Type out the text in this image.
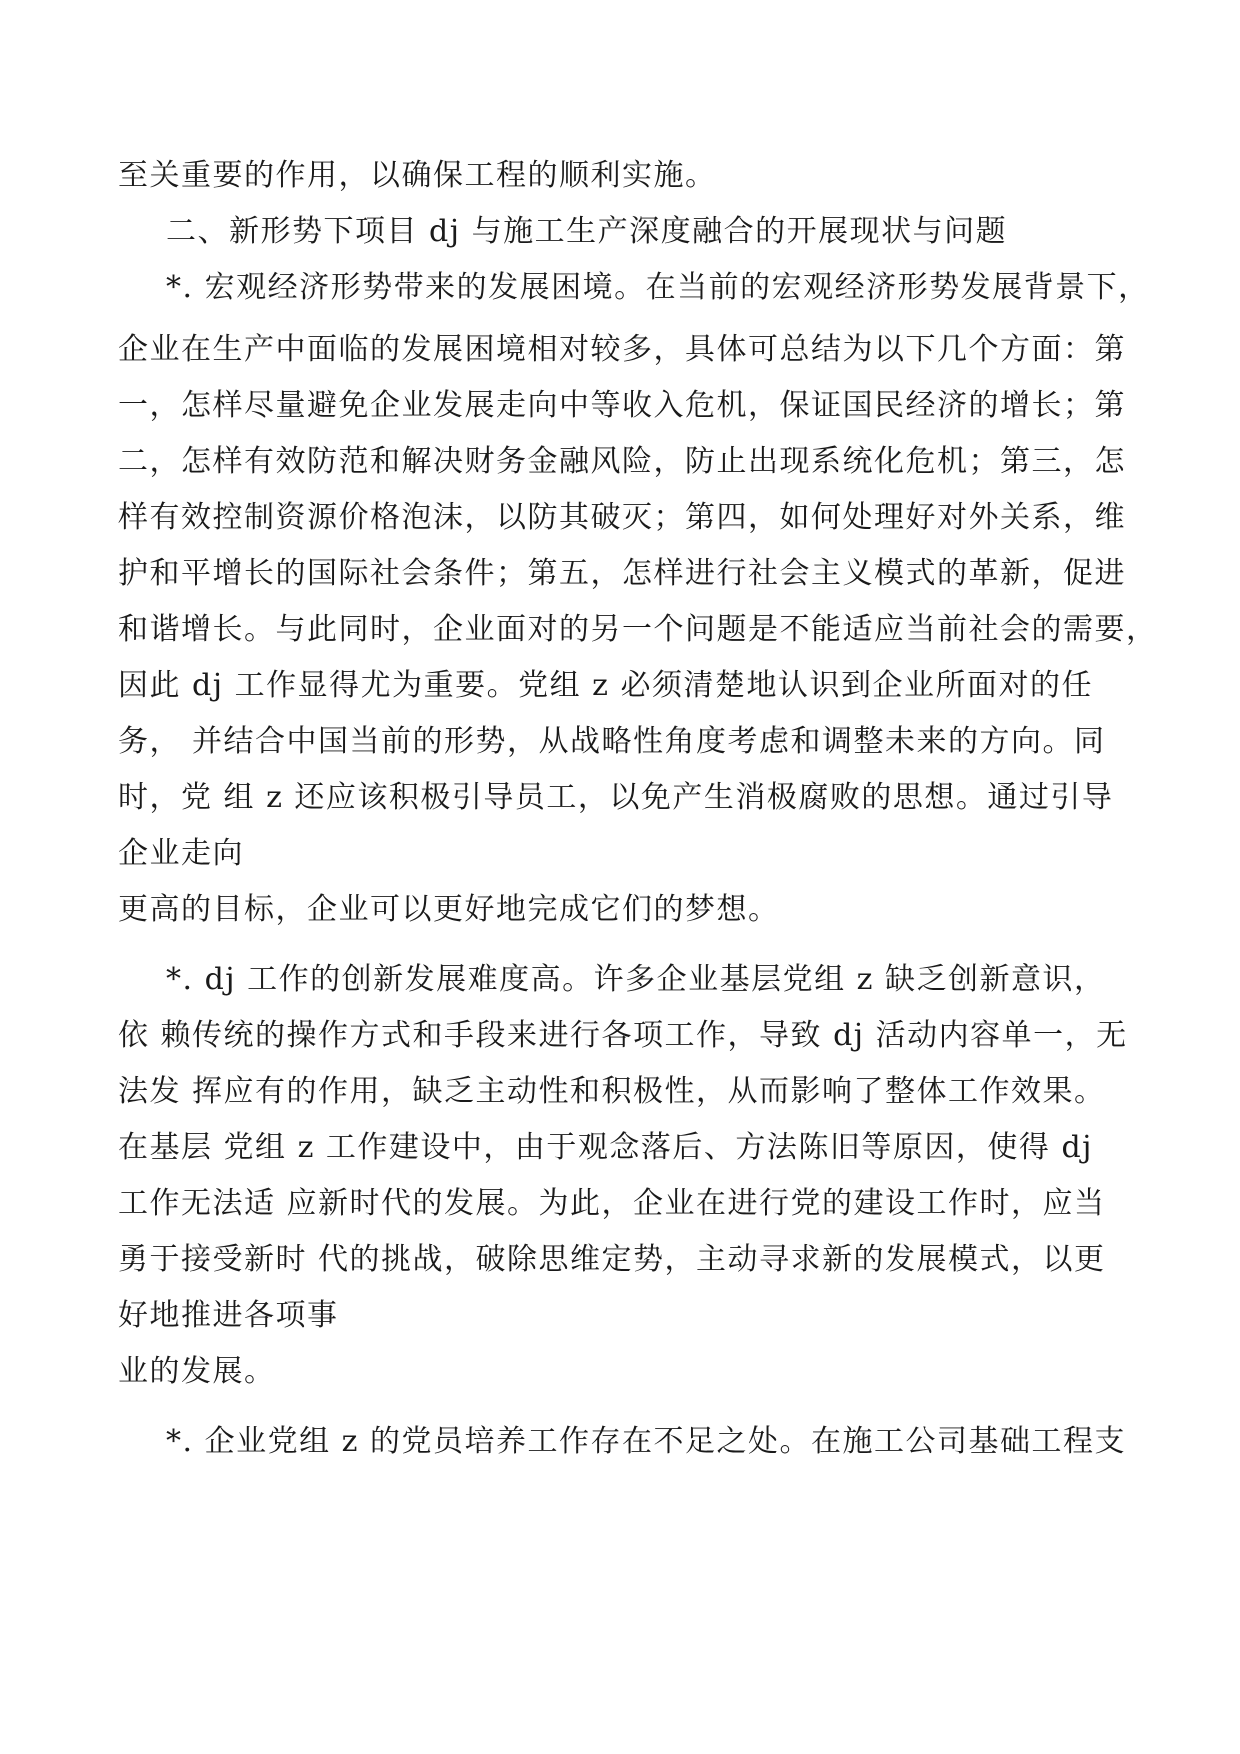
至关重要的作用，以确保工程的顺利实施。

二、新形势下项目 dj 与施工生产深度融合的开展现状与问题

*. 宏观经济形势带来的发展困境。在当前的宏观经济形势发展背景下，

企业在生产中面临的发展困境相对较多，具体可总结为以下几个方面：第

一，怎样尽量避免企业发展走向中等收入危机，保证国民经济的增长；第

二，怎样有效防范和解决财务金融风险，防止出现系统化危机；第三，怎

样有效控制资源价格泡沫，以防其破灭；第四，如何处理好对外关系，维

护和平增长的国际社会条件；第五，怎样进行社会主义模式的革新，促进

和谐增长。与此同时，企业面对的另一个问题是不能适应当前社会的需要，

因此 dj 工作显得尤为重要。党组 z 必须清楚地认识到企业所面对的任

务， 并结合中国当前的形势，从战略性角度考虑和调整未来的方向。同

时，党 组 z 还应该积极引导员工，以免产生消极腐败的思想。通过引导

企业走向

更高的目标，企业可以更好地完成它们的梦想。

*. dj 工作的创新发展难度高。许多企业基层党组 z 缺乏创新意识，

依 赖传统的操作方式和手段来进行各项工作，导致 dj 活动内容单一，无

法发 挥应有的作用，缺乏主动性和积极性，从而影响了整体工作效果。

在基层 党组 z 工作建设中，由于观念落后、方法陈旧等原因，使得 dj

工作无法适 应新时代的发展。为此，企业在进行党的建设工作时，应当

勇于接受新时 代的挑战，破除思维定势，主动寻求新的发展模式，以更

好地推进各项事

业的发展。

*. 企业党组 z 的党员培养工作存在不足之处。在施工公司基础工程支
